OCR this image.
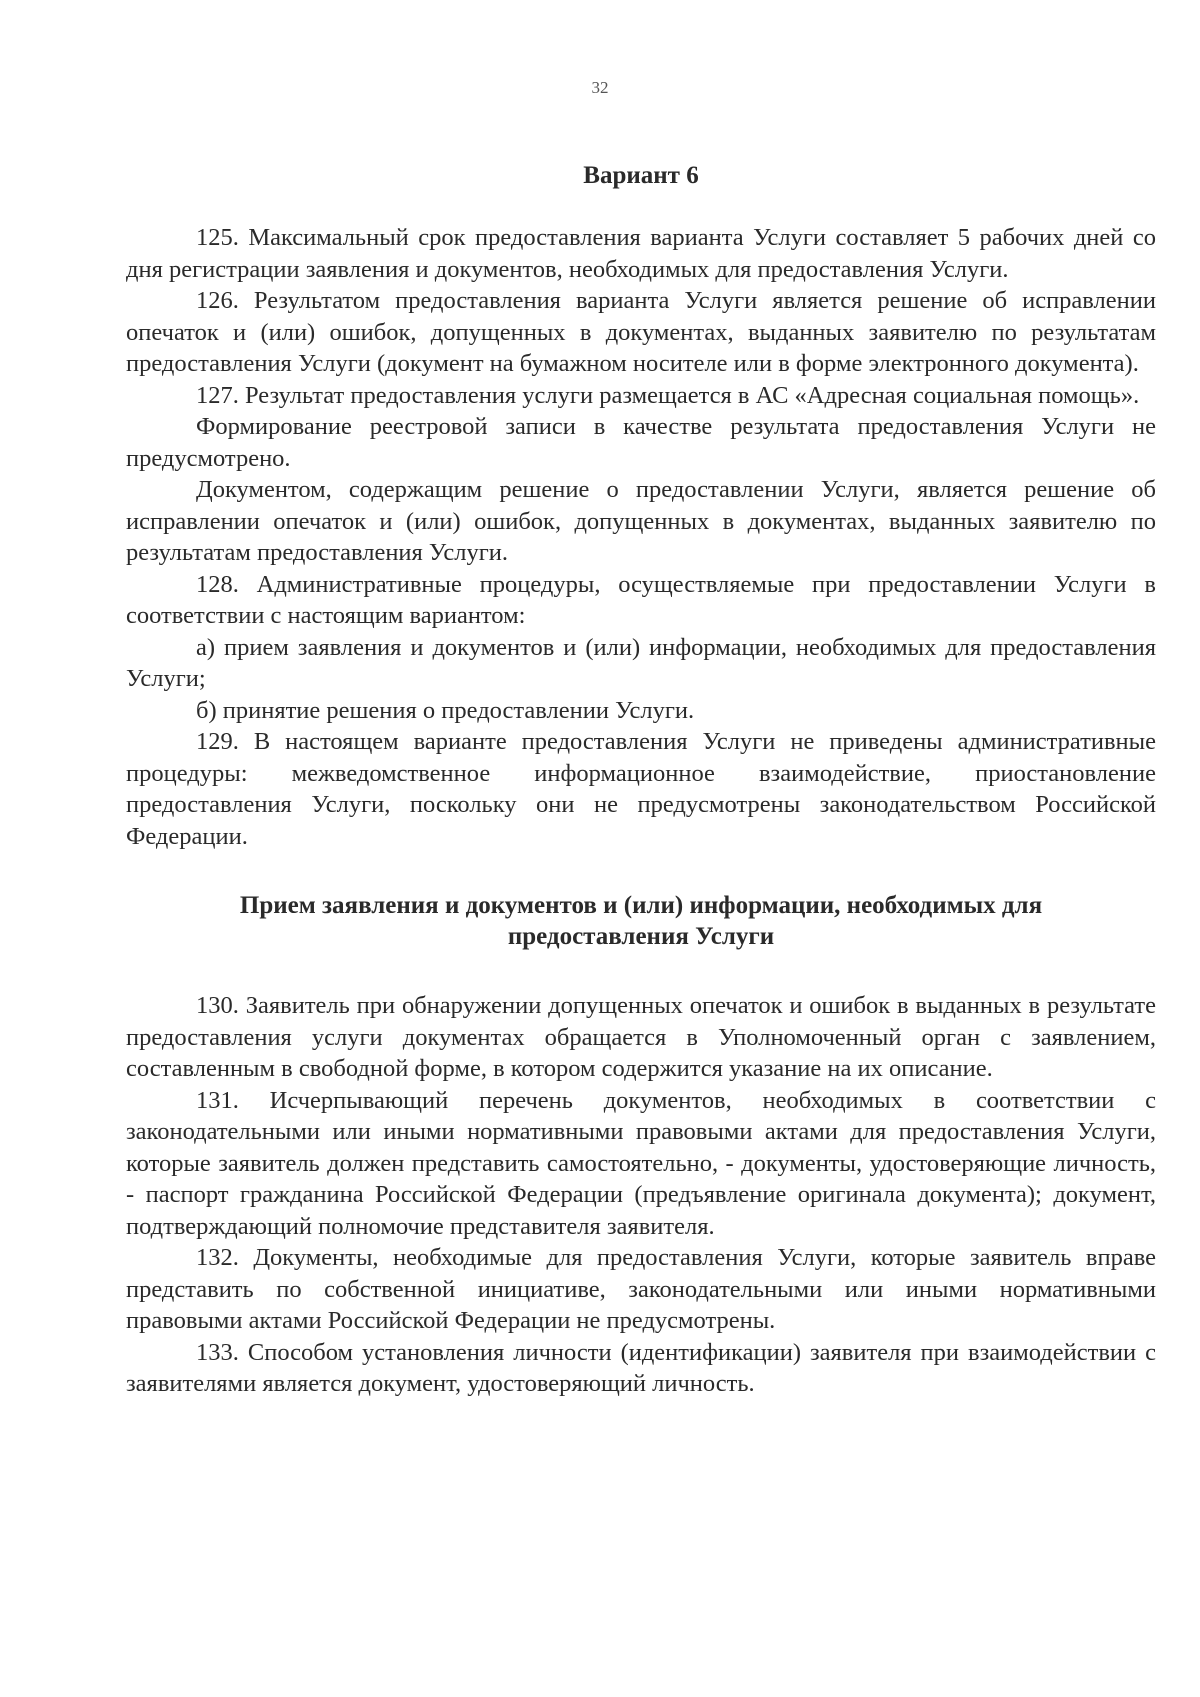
32
Вариант 6

125. Максимальный срок предоставления варианта Услуги составляет 5 рабочих дней со дня регистрации заявления и документов, необходимых для предоставления Услуги.

126. Результатом предоставления варианта Услуги является решение об исправлении опечаток и (или) ошибок, допущенных в документах, выданных заявителю по результатам предоставления Услуги (документ на бумажном носителе или в форме электронного документа).

127. Результат предоставления услуги размещается в АС «Адресная социальная помощь».

Формирование реестровой записи в качестве результата предоставления Услуги не предусмотрено.

Документом, содержащим решение о предоставлении Услуги, является решение об исправлении опечаток и (или) ошибок, допущенных в документах, выданных заявителю по результатам предоставления Услуги.

128. Административные процедуры, осуществляемые при предоставлении Услуги в соответствии с настоящим вариантом:

а) прием заявления и документов и (или) информации, необходимых для предоставления Услуги;

б) принятие решения о предоставлении Услуги.

129. В настоящем варианте предоставления Услуги не приведены административные процедуры: межведомственное информационное взаимодействие, приостановление предоставления Услуги, поскольку они не предусмотрены законодательством Российской Федерации.

Прием заявления и документов и (или) информации, необходимых для предоставления Услуги

130. Заявитель при обнаружении допущенных опечаток и ошибок в выданных в результате предоставления услуги документах обращается в Уполномоченный орган с заявлением, составленным в свободной форме, в котором содержится указание на их описание.

131. Исчерпывающий перечень документов, необходимых в соответствии с законодательными или иными нормативными правовыми актами для предоставления Услуги, которые заявитель должен представить самостоятельно, - документы, удостоверяющие личность, - паспорт гражданина Российской Федерации (предъявление оригинала документа); документ, подтверждающий полномочие представителя заявителя.

132. Документы, необходимые для предоставления Услуги, которые заявитель вправе представить по собственной инициативе, законодательными или иными нормативными правовыми актами Российской Федерации не предусмотрены.

133. Способом установления личности (идентификации) заявителя при взаимодействии с заявителями является документ, удостоверяющий личность.
